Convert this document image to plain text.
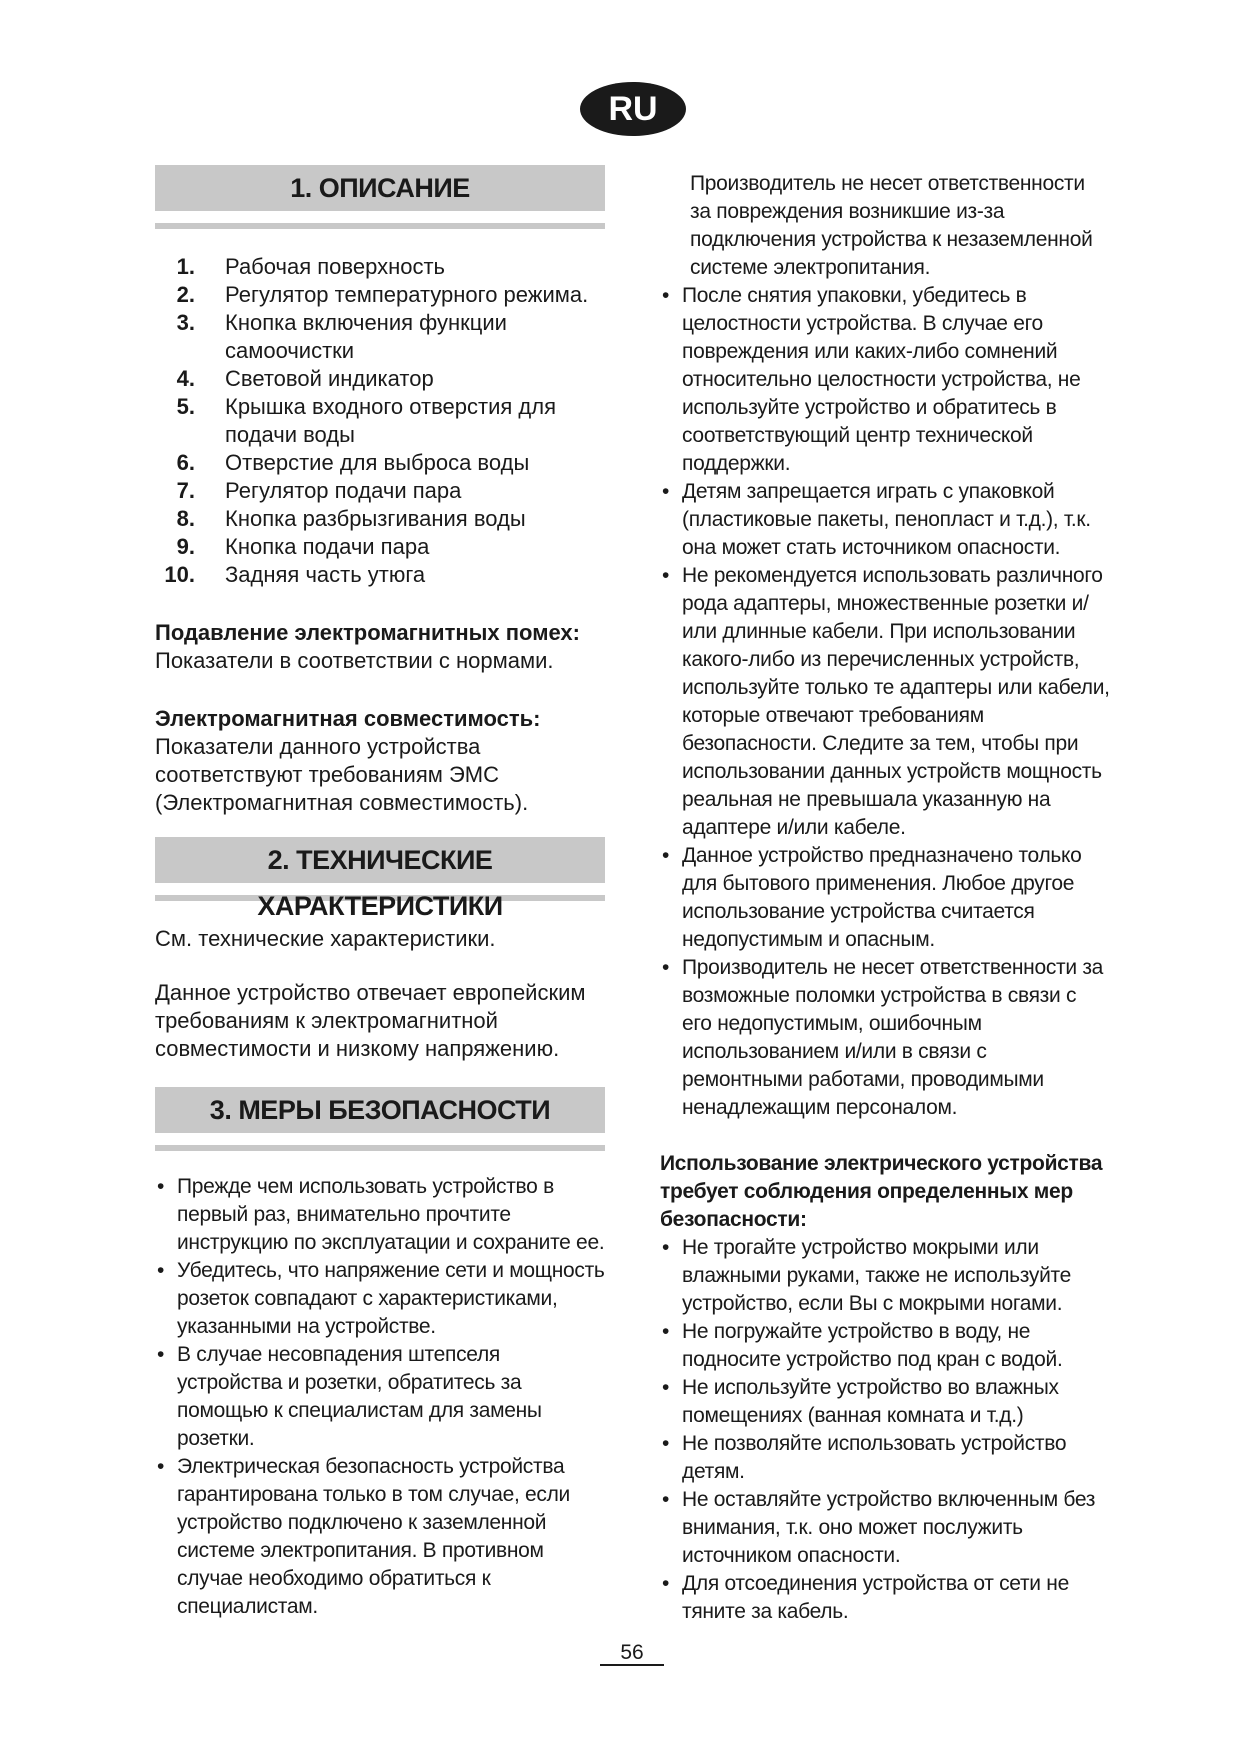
RU
1. ОПИСАНИЕ
1. Рабочая поверхность
2. Регулятор температурного режима.
3. Кнопка включения функции самоочистки
4. Световой индикатор
5. Крышка входного отверстия для подачи воды
6. Отверстие для выброса воды
7. Регулятор подачи пара
8. Кнопка разбрызгивания воды
9. Кнопка подачи пара
10. Задняя часть утюга
Подавление электромагнитных помех:
Показатели в соответствии с нормами.
Электромагнитная совместимость:
Показатели данного устройства соответствуют требованиям ЭМС (Электромагнитная совместимость).
2. ТЕХНИЧЕСКИЕ ХАРАКТЕРИСТИКИ
См. технические характеристики.
Данное устройство отвечает европейским требованиям к электромагнитной совместимости и низкому напряжению.
3. МЕРЫ БЕЗОПАСНОСТИ
• Прежде чем использовать устройство в первый раз, внимательно прочтите инструкцию по эксплуатации и сохраните ее.
• Убедитесь, что напряжение сети и мощность розеток совпадают с характеристиками, указанными на устройстве.
• В случае несовпадения штепселя устройства и розетки, обратитесь за помощью к специалистам для замены розетки.
• Электрическая безопасность устройства гарантирована только в том случае, если устройство подключено к заземленной системе электропитания. В противном случае необходимо обратиться к специалистам.
Производитель не несет ответственности за повреждения возникшие из-за подключения устройства к незаземленной системе электропитания.
• После снятия упаковки, убедитесь в целостности устройства. В случае его повреждения или каких-либо сомнений относительно целостности устройства, не используйте устройство и обратитесь в соответствующий центр технической поддержки.
• Детям запрещается играть с упаковкой (пластиковые пакеты, пенопласт и т.д.), т.к. она может стать источником опасности.
• Не рекомендуется использовать различного рода адаптеры, множественные розетки и/или длинные кабели. При использовании какого-либо из перечисленных устройств, используйте только те адаптеры или кабели, которые отвечают требованиям безопасности. Следите за тем, чтобы при использовании данных устройств мощность реальная не превышала указанную на адаптере и/или кабеле.
• Данное устройство предназначено только для бытового применения. Любое другое использование устройства считается недопустимым и опасным.
• Производитель не несет ответственности за возможные поломки устройства в связи с его недопустимым, ошибочным использованием и/или в связи с ремонтными работами, проводимыми ненадлежащим персоналом.
Использование электрического устройства требует соблюдения определенных мер безопасности:
• Не трогайте устройство мокрыми или влажными руками, также не используйте устройство, если Вы с мокрыми ногами.
• Не погружайте устройство в воду, не подносите устройство под кран с водой.
• Не используйте устройство во влажных помещениях (ванная комната и т.д.)
• Не позволяйте использовать устройство детям.
• Не оставляйте устройство включенным без внимания, т.к. оно может послужить источником опасности.
• Для отсоединения устройства от сети не тяните за кабель.
56
